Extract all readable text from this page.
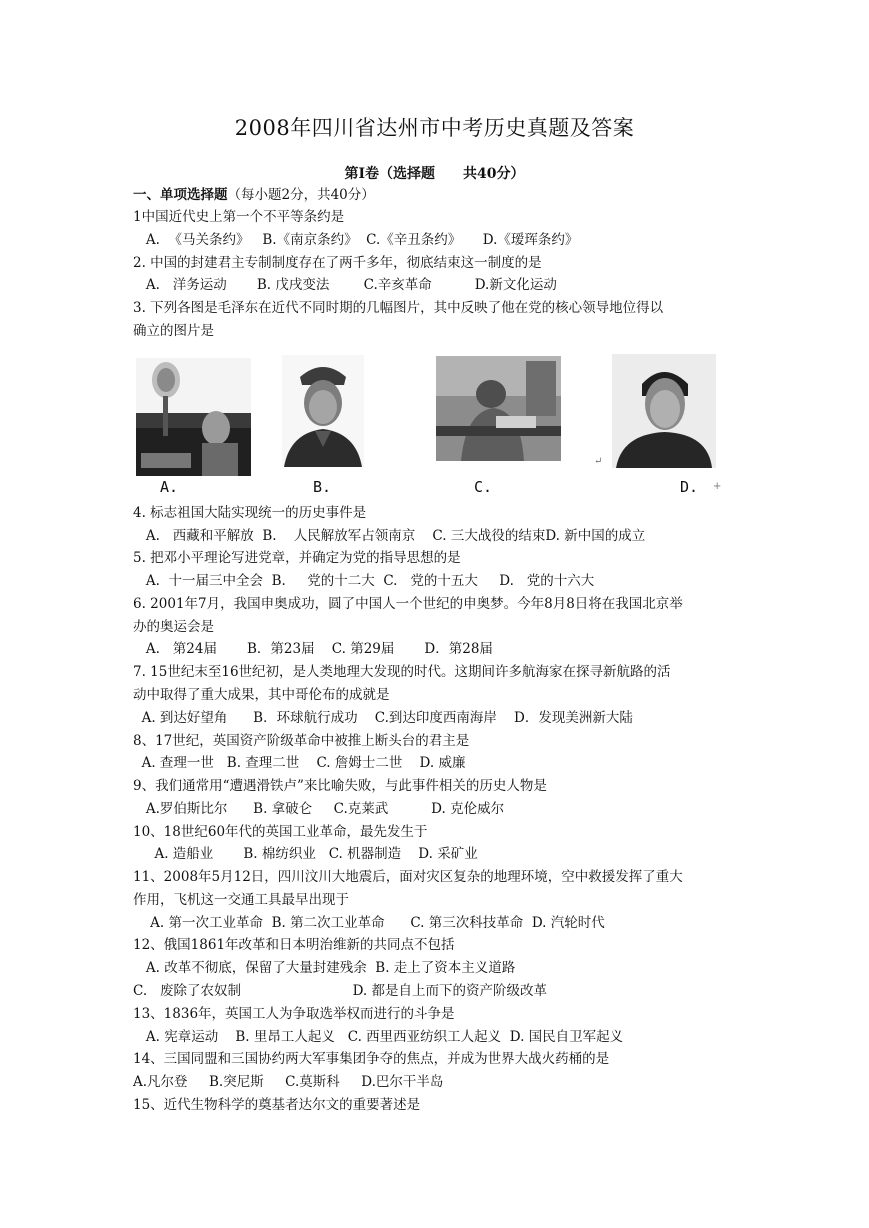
2008年四川省达州市中考历史真题及答案
第Ⅰ卷（选择题　　共40分）
一、单项选择题（每小题2分，共40分）
1中国近代史上第一个不平等条约是
A.  《马关条约》   B.《南京条约》  C.《辛丑条约》     D.《瑷珲条约》
2. 中国的封建君主专制制度存在了两千多年，彻底结束这一制度的是
A.   洋务运动       B. 戊戌变法        C.辛亥革命          D.新文化运动
3. 下列各图是毛泽东在近代不同时期的几幅图片，其中反映了他在党的核心领导地位得以
确立的图片是
A.	B.	C.
↵
D. +
4. 标志祖国大陆实现统一的历史事件是
A.   西藏和平解放  B.    人民解放军占领南京    C. 三大战役的结束D. 新中国的成立
5. 把邓小平理论写进党章，并确定为党的指导思想的是
A.  十一届三中全会  B.     党的十二大  C.   党的十五大     D.   党的十六大
6. 2001年7月，我国申奥成功，圆了中国人一个世纪的申奥梦。今年8月8日将在我国北京举
办的奥运会是
A.   第24届       B．第23届    C. 第29届       D．第28届
7. 15世纪末至16世纪初，是人类地理大发现的时代。这期间许多航海家在探寻新航路的活
动中取得了重大成果，其中哥伦布的成就是
A. 到达好望角      B．环球航行成功    C.到达印度西南海岸    D．发现美洲新大陆
8、17世纪，英国资产阶级革命中被推上断头台的君主是
A. 查理一世   B. 查理二世    C. 詹姆士二世    D. 威廉
9、我们通常用“遭遇滑铁卢”来比喻失败，与此事件相关的历史人物是
A.罗伯斯比尔      B. 拿破仑     C.克莱武          D. 克伦威尔
10、18世纪60年代的英国工业革命，最先发生于
A. 造船业       B. 棉纺织业   C. 机器制造    D. 采矿业
11、2008年5月12日，四川汶川大地震后，面对灾区复杂的地理环境，空中救援发挥了重大
作用，飞机这一交通工具最早出现于
A. 第一次工业革命  B. 第二次工业革命      C. 第三次科技革命  D. 汽轮时代
12、俄国1861年改革和日本明治维新的共同点不包括
A. 改革不彻底，保留了大量封建残余  B. 走上了资本主义道路
C.   废除了农奴制                          D. 都是自上而下的资产阶级改革
13、1836年，英国工人为争取选举权而进行的斗争是
A. 宪章运动    B. 里昂工人起义   C. 西里西亚纺织工人起义  D. 国民自卫军起义
14、三国同盟和三国协约两大军事集团争夺的焦点，并成为世界大战火药桶的是
A.凡尔登     B.突尼斯     C.莫斯科     D.巴尔干半岛
15、近代生物科学的奠基者达尔文的重要著述是
